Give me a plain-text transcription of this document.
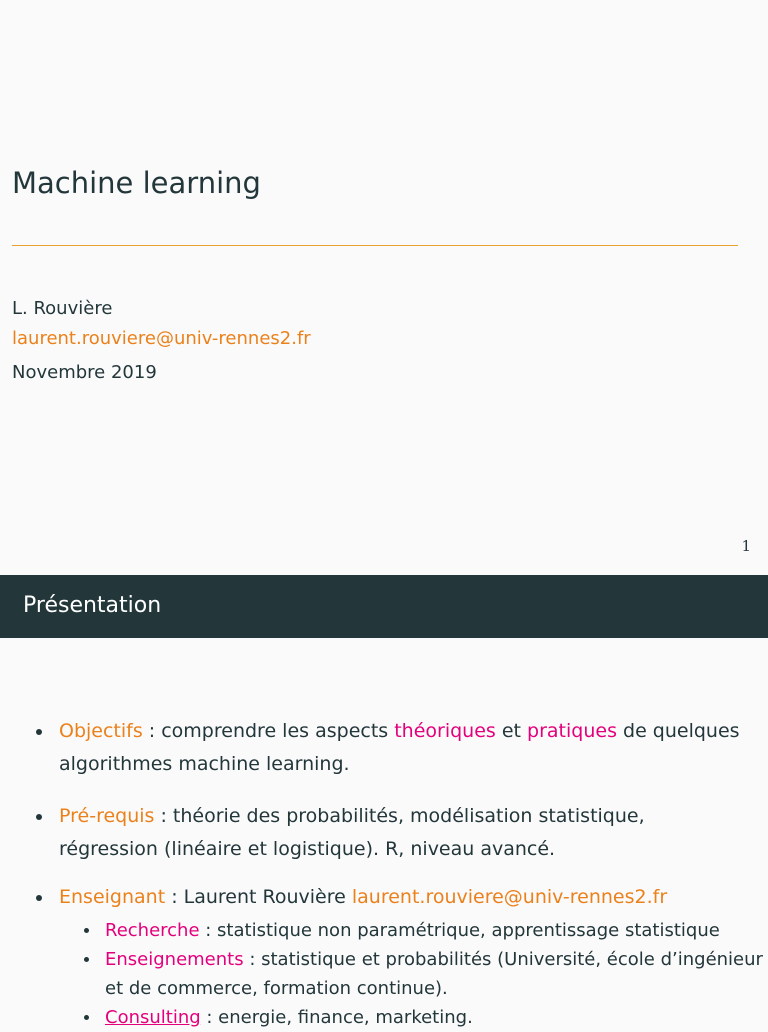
Machine learning
L. Rouvière
laurent.rouviere@univ-rennes2.fr
Novembre 2019
1
Présentation
Objectifs : comprendre les aspects théoriques et pratiques de quelques
algorithmes machine learning.
Pré-requis : théorie des probabilités, modélisation statistique,
régression (linéaire et logistique). R, niveau avancé.
Enseignant : Laurent Rouvière laurent.rouviere@univ-rennes2.fr
Recherche : statistique non paramétrique, apprentissage statistique
Enseignements : statistique et probabilités (Université, école d’ingénieur
et de commerce, formation continue).
Consulting : energie, finance, marketing.
